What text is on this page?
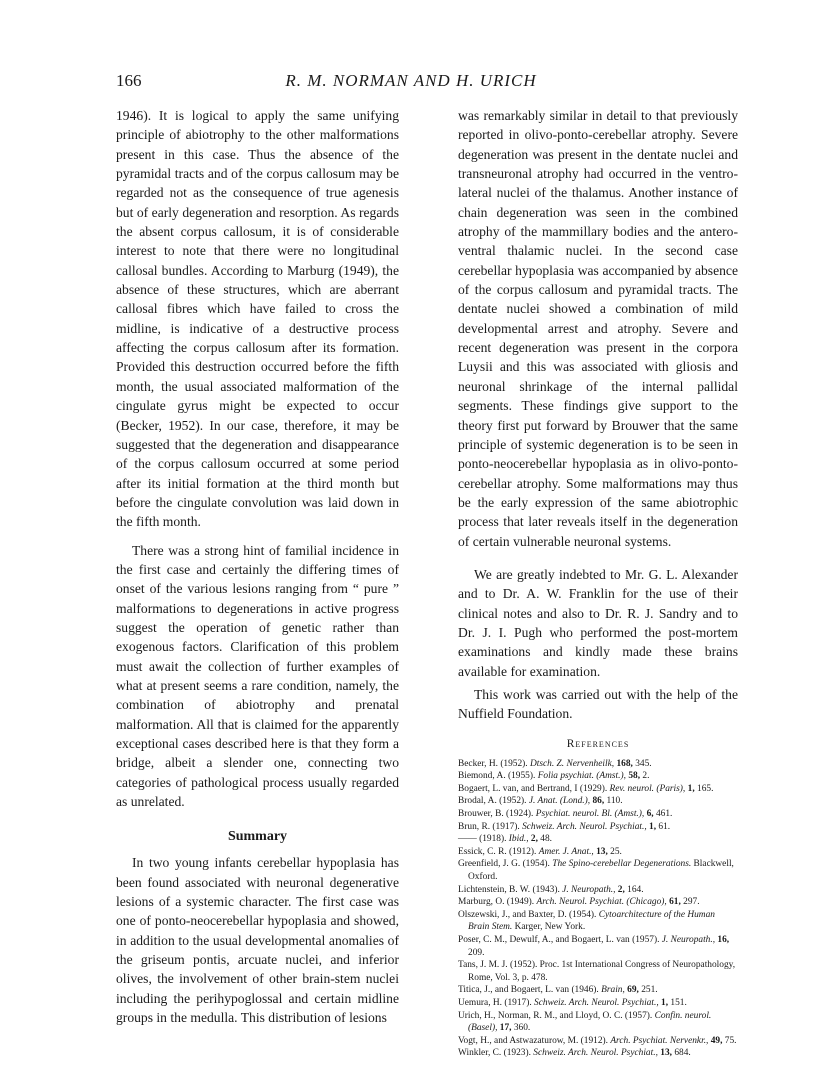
166	R. M. NORMAN AND H. URICH

1946). It is logical to apply the same unifying principle of abiotrophy to the other malformations present in this case. Thus the absence of the pyramidal tracts and of the corpus callosum may be regarded not as the consequence of true agenesis but of early degeneration and resorption. As regards the absent corpus callosum, it is of considerable interest to note that there were no longitudinal callosal bundles. According to Marburg (1949), the absence of these structures, which are aberrant callosal fibres which have failed to cross the midline, is indicative of a destructive process affecting the corpus callosum after its formation. Provided this destruction occurred before the fifth month, the usual associated malformation of the cingulate gyrus might be expected to occur (Becker, 1952). In our case, therefore, it may be suggested that the degeneration and disappearance of the corpus callosum occurred at some period after its initial formation at the third month but before the cingulate convolution was laid down in the fifth month.

There was a strong hint of familial incidence in the first case and certainly the differing times of onset of the various lesions ranging from “ pure ” malformations to degenerations in active progress suggest the operation of genetic rather than exogenous factors. Clarification of this problem must await the collection of further examples of what at present seems a rare condition, namely, the combination of abiotrophy and prenatal malformation. All that is claimed for the apparently exceptional cases described here is that they form a bridge, albeit a slender one, connecting two categories of pathological process usually regarded as unrelated.

Summary

In two young infants cerebellar hypoplasia has been found associated with neuronal degenerative lesions of a systemic character. The first case was one of ponto-neocerebellar hypoplasia and showed, in addition to the usual developmental anomalies of the griseum pontis, arcuate nuclei, and inferior olives, the involvement of other brain-stem nuclei including the perihypoglossal and certain midline groups in the medulla. This distribution of lesions

was remarkably similar in detail to that previously reported in olivo-ponto-cerebellar atrophy. Severe degeneration was present in the dentate nuclei and transneuronal atrophy had occurred in the ventro-lateral nuclei of the thalamus. Another instance of chain degeneration was seen in the combined atrophy of the mammillary bodies and the antero-ventral thalamic nuclei. In the second case cerebellar hypoplasia was accompanied by absence of the corpus callosum and pyramidal tracts. The dentate nuclei showed a combination of mild developmental arrest and atrophy. Severe and recent degeneration was present in the corpora Luysii and this was associated with gliosis and neuronal shrinkage of the internal pallidal segments. These findings give support to the theory first put forward by Brouwer that the same principle of systemic degeneration is to be seen in ponto-neocerebellar hypoplasia as in olivo-ponto-cerebellar atrophy. Some malformations may thus be the early expression of the same abiotrophic process that later reveals itself in the degeneration of certain vulnerable neuronal systems.

We are greatly indebted to Mr. G. L. Alexander and to Dr. A. W. Franklin for the use of their clinical notes and also to Dr. R. J. Sandry and to Dr. J. I. Pugh who performed the post-mortem examinations and kindly made these brains available for examination.

This work was carried out with the help of the Nuffield Foundation.

References
Becker, H. (1952). Dtsch. Z. Nervenheilk, 168, 345.
Biemond, A. (1955). Folia psychiat. (Amst.), 58, 2.
Bogaert, L. van, and Bertrand, I (1929). Rev. neurol. (Paris), 1, 165.
Brodal, A. (1952). J. Anat. (Lond.), 86, 110.
Brouwer, B. (1924). Psychiat. neurol. Bl. (Amst.), 6, 461.
Brun, R. (1917). Schweiz. Arch. Neurol. Psychiat., 1, 61.
—— (1918). Ibid., 2, 48.
Essick, C. R. (1912). Amer. J. Anat., 13, 25.
Greenfield, J. G. (1954). The Spino-cerebellar Degenerations. Blackwell, Oxford.
Lichtenstein, B. W. (1943). J. Neuropath., 2, 164.
Marburg, O. (1949). Arch. Neurol. Psychiat. (Chicago), 61, 297.
Olszewski, J., and Baxter, D. (1954). Cytoarchitecture of the Human Brain Stem. Karger, New York.
Poser, C. M., Dewulf, A., and Bogaert, L. van (1957). J. Neuropath., 16, 209.
Tans, J. M. J. (1952). Proc. 1st International Congress of Neuropathology, Rome, Vol. 3, p. 478.
Titica, J., and Bogaert, L. van (1946). Brain, 69, 251.
Uemura, H. (1917). Schweiz. Arch. Neurol. Psychiat., 1, 151.
Urich, H., Norman, R. M., and Lloyd, O. C. (1957). Confin. neurol. (Basel), 17, 360.
Vogt, H., and Astwazaturow, M. (1912). Arch. Psychiat. Nervenkr., 49, 75.
Winkler, C. (1923). Schweiz. Arch. Neurol. Psychiat., 13, 684.
